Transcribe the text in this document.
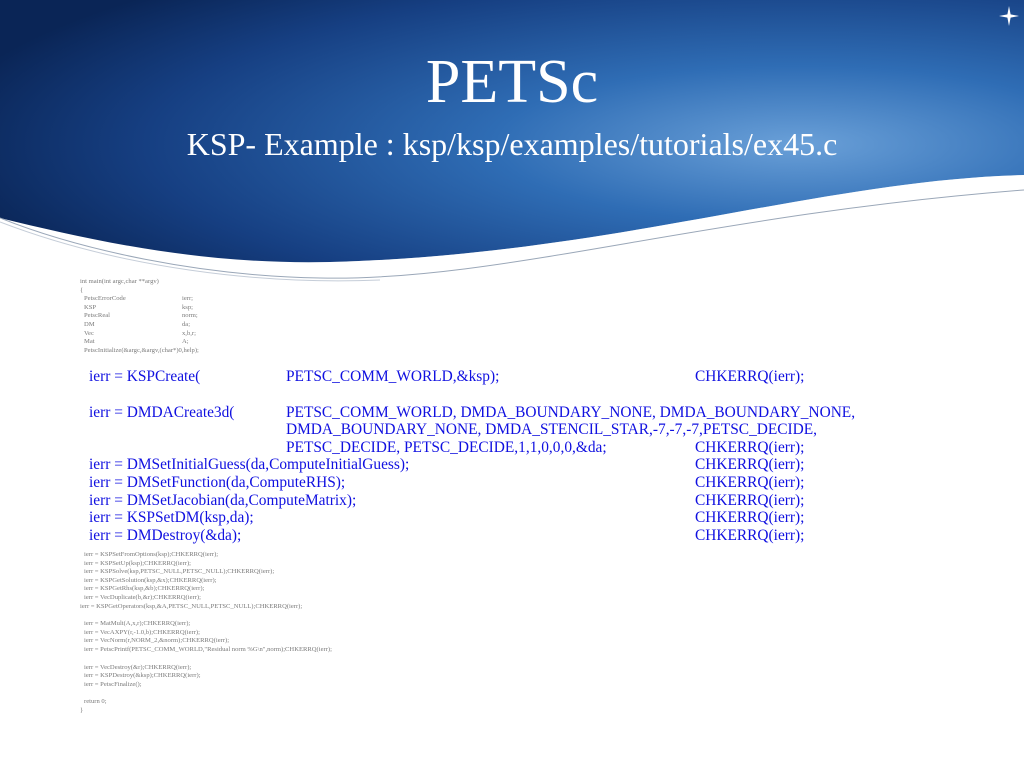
PETSc
KSP- Example : ksp/ksp/examples/tutorials/ex45.c
int main(int argc,char **argv)
{
PetscErrorCode	ierr;
KSP	ksp;
PetscReal	norm;
DM	da;
Vec	x,b,r;
Mat	A;
PetscInitialize(&argc,&argv,(char*)0,help);
ierr = KSPCreate(	PETSC_COMM_WORLD,&ksp);	CHKERRQ(ierr);
ierr = DMDACreate3d(	PETSC_COMM_WORLD, DMDA_BOUNDARY_NONE, DMDA_BOUNDARY_NONE,
DMDA_BOUNDARY_NONE, DMDA_STENCIL_STAR,-7,-7,-7,PETSC_DECIDE,
PETSC_DECIDE, PETSC_DECIDE,1,1,0,0,0,&da;	CHKERRQ(ierr);
ierr = DMSetInitialGuess(da,ComputeInitialGuess);	CHKERRQ(ierr);
ierr = DMSetFunction(da,ComputeRHS);	CHKERRQ(ierr);
ierr = DMSetJacobian(da,ComputeMatrix);	CHKERRQ(ierr);
ierr = KSPSetDM(ksp,da);	CHKERRQ(ierr);
ierr = DMDestroy(&da);	CHKERRQ(ierr);
ierr = KSPSetFromOptions(ksp);CHKERRQ(ierr);
ierr = KSPSetUp(ksp);CHKERRQ(ierr);
ierr = KSPSolve(ksp,PETSC_NULL,PETSC_NULL);CHKERRQ(ierr);
ierr = KSPGetSolution(ksp,&x);CHKERRQ(ierr);
ierr = KSPGetRhs(ksp,&b);CHKERRQ(ierr);
ierr = VecDuplicate(b,&r);CHKERRQ(ierr);
ierr = KSPGetOperators(ksp,&A,PETSC_NULL,PETSC_NULL);CHKERRQ(ierr);
ierr = MatMult(A,x,r);CHKERRQ(ierr);
ierr = VecAXPY(r,-1.0,b);CHKERRQ(ierr);
ierr = VecNorm(r,NORM_2,&norm);CHKERRQ(ierr);
ierr = PetscPrintf(PETSC_COMM_WORLD,"Residual norm %G\n",norm);CHKERRQ(ierr);
ierr = VecDestroy(&r);CHKERRQ(ierr);
ierr = KSPDestroy(&ksp);CHKERRQ(ierr);
ierr = PetscFinalize();
return 0;
}
